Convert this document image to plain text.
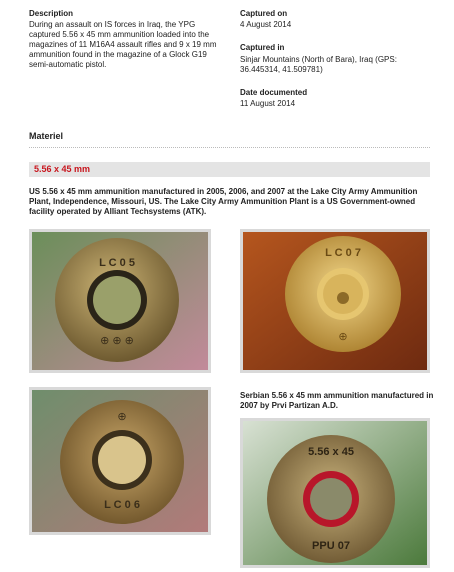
Description
During an assault on IS forces in Iraq, the YPG captured 5.56 x 45 mm ammunition loaded into the magazines of 11 M16A4 assault rifles and 9 x 19 mm ammunition found in the magazine of a Glock G19 semi-automatic pistol.
Captured on
4 August 2014
Captured in
Sinjar Mountains (North of Bara), Iraq (GPS: 36.445314, 41.509781)
Date documented
11 August 2014
Materiel
5.56 x 45 mm
US 5.56 x 45 mm ammunition manufactured in 2005, 2006, and 2007 at the Lake City Army Ammunition Plant, Independence, Missouri, US. The Lake City Army Ammunition Plant is a US Government-owned facility operated by Alliant Techsystems (ATK).
L C 0 5
⊕ ⊕ ⊕
L C 0 7
⊕
⊕
L C 0 6
Serbian 5.56 x 45 mm ammunition manufactured in 2007 by Prvi Partizan A.D.
5.56 x 45
PPU 07
